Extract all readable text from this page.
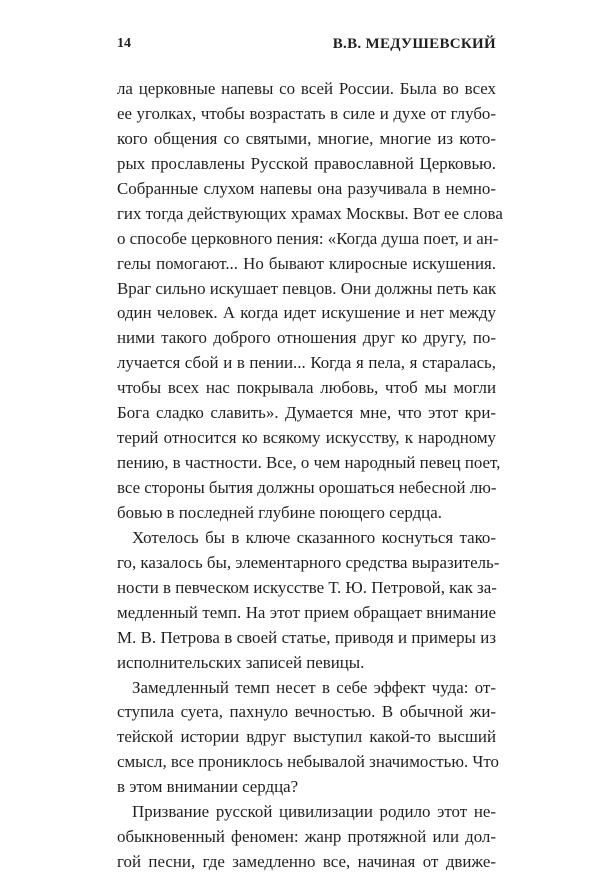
14	В.В. МЕДУШЕВСКИЙ

ла церковные напевы со всей России. Была во всех
ее уголках, чтобы возрастать в силе и духе от глубо-
кого общения со святыми, многие, многие из кото-
рых прославлены Русской православной Церковью.
Собранные слухом напевы она разучивала в немно-
гих тогда действующих храмах Москвы. Вот ее слова
о способе церковного пения: «Когда душа поет, и ан-
гелы помогают... Но бывают клиросные искушения.
Враг сильно искушает певцов. Они должны петь как
один человек. А когда идет искушение и нет между
ними такого доброго отношения друг ко другу, по-
лучается сбой и в пении... Когда я пела, я старалась,
чтобы всех нас покрывала любовь, чтоб мы могли
Бога сладко славить». Думается мне, что этот кри-
терий относится ко всякому искусству, к народному
пению, в частности. Все, о чем народный певец поет,
все стороны бытия должны орошаться небесной лю-
бовью в последней глубине поющего сердца.

Хотелось бы в ключе сказанного коснуться тако-
го, казалось бы, элементарного средства выразитель-
ности в певческом искусстве Т. Ю. Петровой, как за-
медленный темп. На этот прием обращает внимание
М. В. Петрова в своей статье, приводя и примеры из
исполнительских записей певицы.

Замедленный темп несет в себе эффект чуда: от-
ступила суета, пахнуло вечностью. В обычной жи-
тейской истории вдруг выступил какой-то высший
смысл, все прониклось небывалой значимостью. Что
в этом внимании сердца?

Призвание русской цивилизации родило этот не-
обыкновенный феномен: жанр протяжной или дол-
гой песни, где замедленно все, начиная от движе-
